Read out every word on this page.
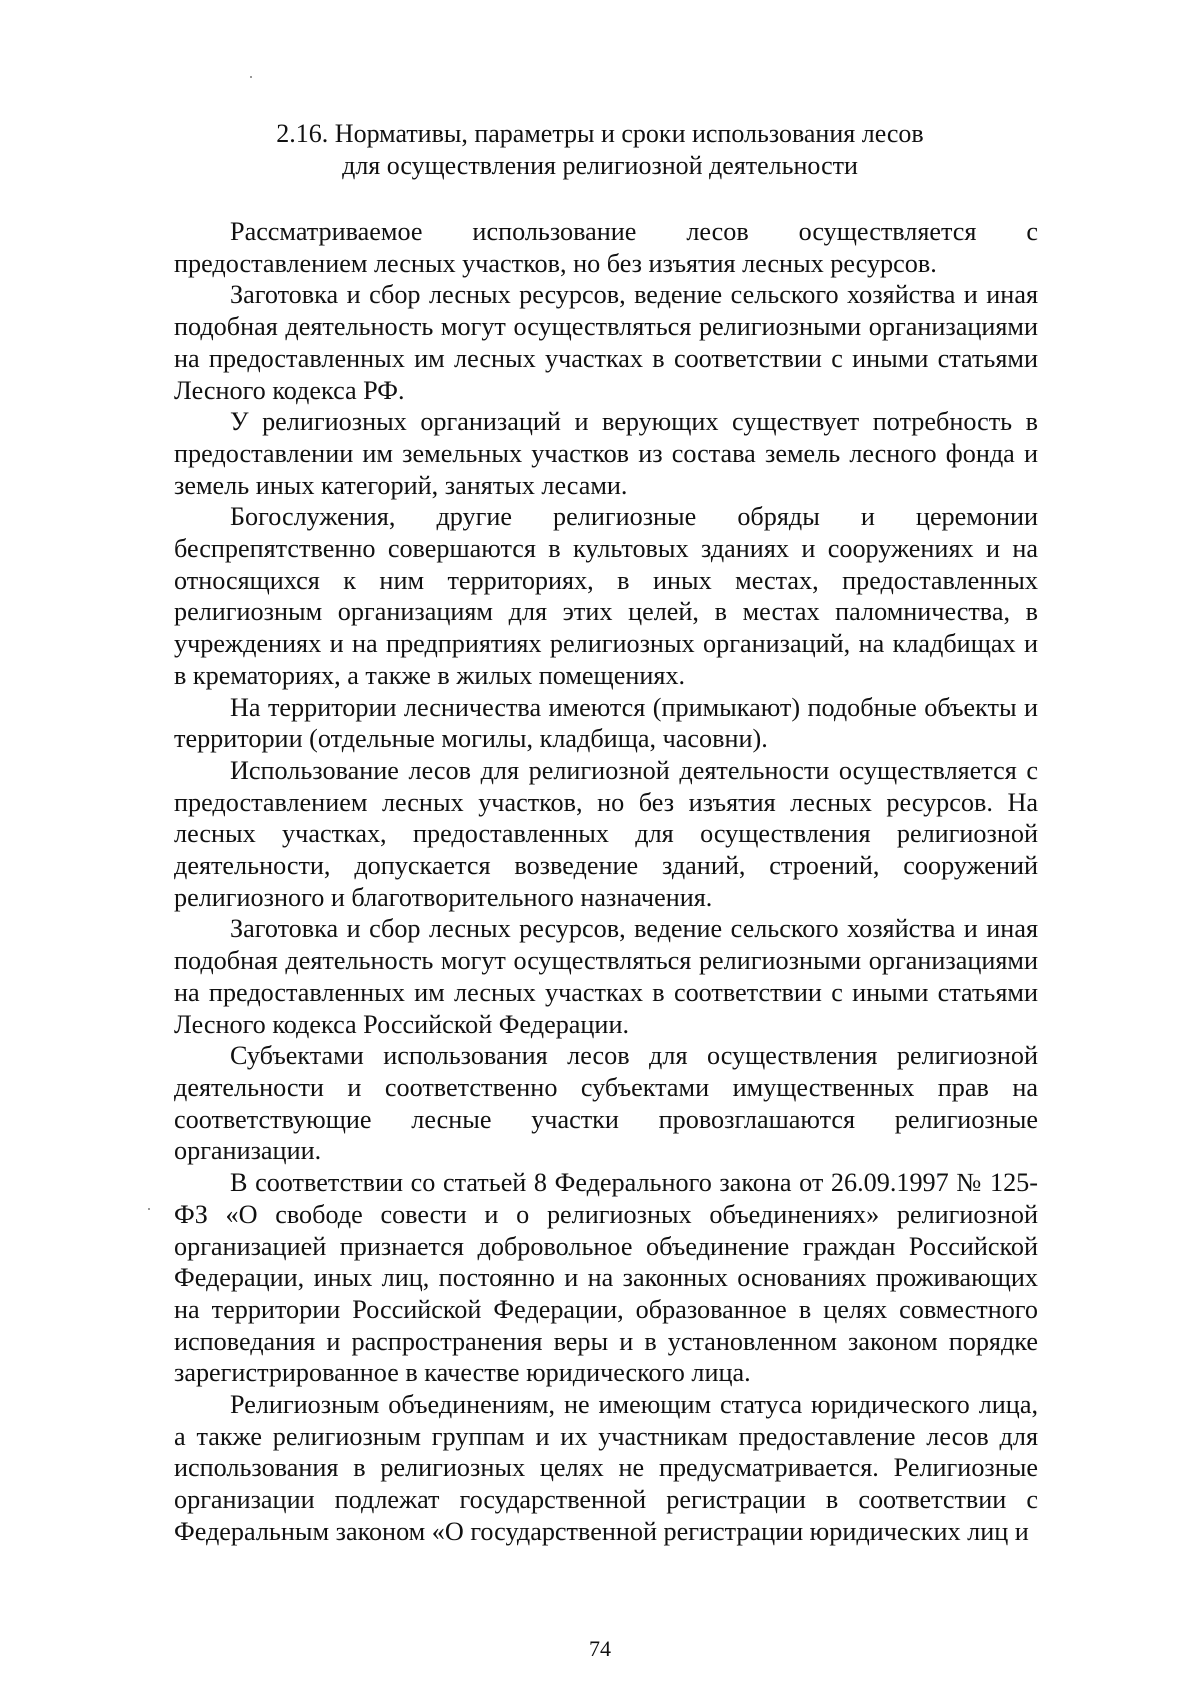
2.16. Нормативы, параметры и сроки использования лесов
для осуществления религиозной деятельности

Рассматриваемое использование лесов осуществляется с предоставлением лесных участков, но без изъятия лесных ресурсов.

Заготовка и сбор лесных ресурсов, ведение сельского хозяйства и иная подобная деятельность могут осуществляться религиозными организациями на предоставленных им лесных участках в соответствии с иными статьями Лесного кодекса РФ.

У религиозных организаций и верующих существует потребность в предоставлении им земельных участков из состава земель лесного фонда и земель иных категорий, занятых лесами.

Богослужения, другие религиозные обряды и церемонии беспрепятственно совершаются в культовых зданиях и сооружениях и на относящихся к ним территориях, в иных местах, предоставленных религиозным организациям для этих целей, в местах паломничества, в учреждениях и на предприятиях религиозных организаций, на кладбищах и в крематориях, а также в жилых помещениях.

На территории лесничества имеются (примыкают) подобные объекты и территории (отдельные могилы, кладбища, часовни).

Использование лесов для религиозной деятельности осуществляется с предоставлением лесных участков, но без изъятия лесных ресурсов. На лесных участках, предоставленных для осуществления религиозной деятельности, допускается возведение зданий, строений, сооружений религиозного и благотворительного назначения.

Заготовка и сбор лесных ресурсов, ведение сельского хозяйства и иная подобная деятельность могут осуществляться религиозными организациями на предоставленных им лесных участках в соответствии с иными статьями Лесного кодекса Российской Федерации.

Субъектами использования лесов для осуществления религиозной деятельности и соответственно субъектами имущественных прав на соответствующие лесные участки провозглашаются религиозные организации.

В соответствии со статьей 8 Федерального закона от 26.09.1997 № 125-ФЗ «О свободе совести и о религиозных объединениях» религиозной организацией признается добровольное объединение граждан Российской Федерации, иных лиц, постоянно и на законных основаниях проживающих на территории Российской Федерации, образованное в целях совместного исповедания и распространения веры и в установленном законом порядке зарегистрированное в качестве юридического лица.

Религиозным объединениям, не имеющим статуса юридического лица, а также религиозным группам и их участникам предоставление лесов для использования в религиозных целях не предусматривается. Религиозные организации подлежат государственной регистрации в соответствии с Федеральным законом «О государственной регистрации юридических лиц и

74
